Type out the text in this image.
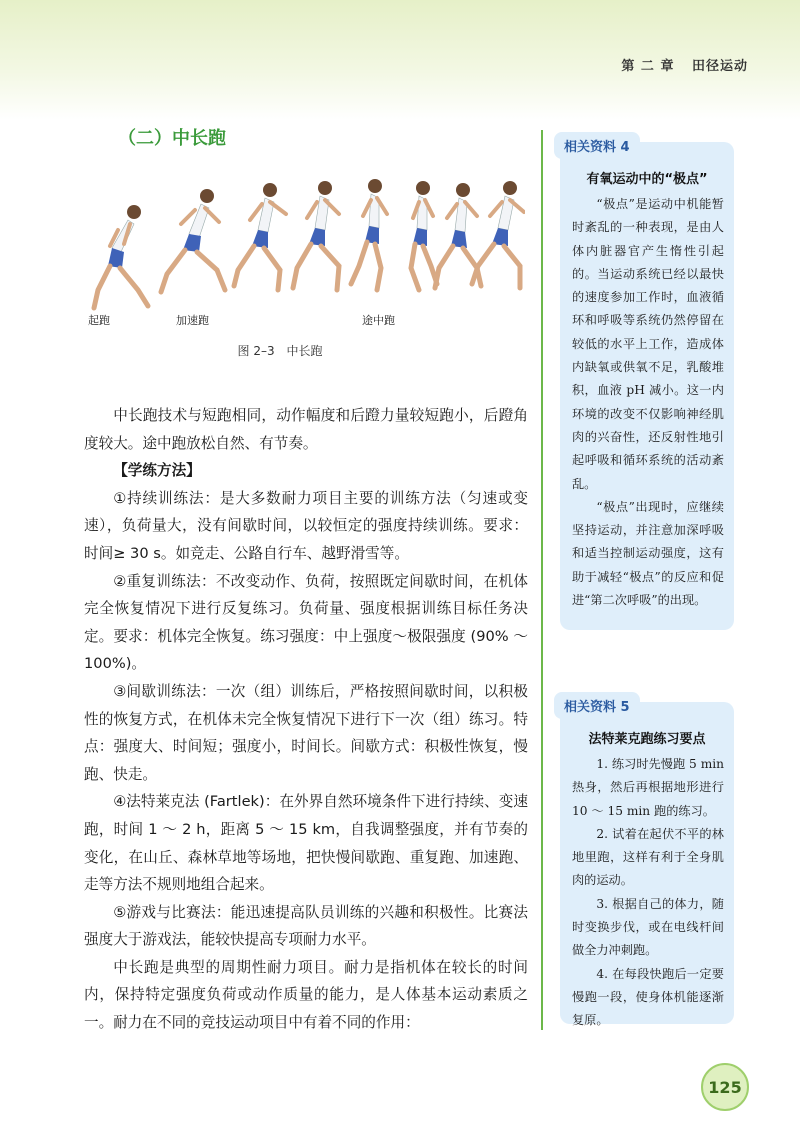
第 二 章 田径运动
（二）中长跑
起跑	加速跑	途中跑
图 2–3 中长跑

中长跑技术与短跑相同，动作幅度和后蹬力量较短跑小，后蹬角度较大。途中跑放松自然、有节奏。

【学练方法】

①持续训练法：是大多数耐力项目主要的训练方法（匀速或变速），负荷量大，没有间歇时间，以较恒定的强度持续训练。要求：时间≥ 30 s。如竞走、公路自行车、越野滑雪等。

②重复训练法：不改变动作、负荷，按照既定间歇时间，在机体完全恢复情况下进行反复练习。负荷量、强度根据训练目标任务决定。要求：机体完全恢复。练习强度：中上强度～极限强度 (90% ～ 100%)。

③间歇训练法：一次（组）训练后，严格按照间歇时间，以积极性的恢复方式，在机体未完全恢复情况下进行下一次（组）练习。特点：强度大、时间短；强度小，时间长。间歇方式：积极性恢复，慢跑、快走。

④法特莱克法 (Fartlek)：在外界自然环境条件下进行持续、变速跑，时间 1 ～ 2 h，距离 5 ～ 15 km，自我调整强度，并有节奏的变化，在山丘、森林草地等场地，把快慢间歇跑、重复跑、加速跑、走等方法不规则地组合起来。

⑤游戏与比赛法：能迅速提高队员训练的兴趣和积极性。比赛法强度大于游戏法，能较快提高专项耐力水平。

中长跑是典型的周期性耐力项目。耐力是指机体在较长的时间内，保持特定强度负荷或动作质量的能力，是人体基本运动素质之一。耐力在不同的竞技运动项目中有着不同的作用：

相关资料 4
有氧运动中的“极点”

“极点”是运动中机能暂时紊乱的一种表现，是由人体内脏器官产生惰性引起的。当运动系统已经以最快的速度参加工作时，血液循环和呼吸等系统仍然停留在较低的水平上工作，造成体内缺氧或供氧不足，乳酸堆积，血液 pH 减小。这一内环境的改变不仅影响神经肌肉的兴奋性，还反射性地引起呼吸和循环系统的活动紊乱。

“极点”出现时，应继续坚持运动，并注意加深呼吸和适当控制运动强度，这有助于减轻“极点”的反应和促进“第二次呼吸”的出现。

相关资料 5
法特莱克跑练习要点

1. 练习时先慢跑 5 min 热身，然后再根据地形进行 10 ～ 15 min 跑的练习。

2. 试着在起伏不平的林地里跑，这样有利于全身肌肉的运动。

3. 根据自己的体力，随时变换步伐，或在电线杆间做全力冲刺跑。

4. 在每段快跑后一定要慢跑一段，使身体机能逐渐复原。

125
